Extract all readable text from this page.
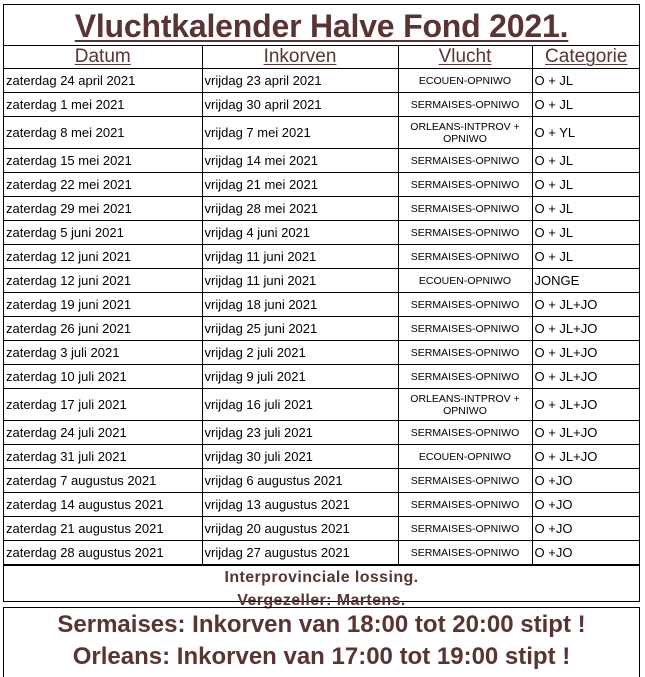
Vluchtkalender Halve Fond 2021.
Datum	Inkorven	Vlucht	Categorie
zaterdag 24 april 2021	vrijdag 23 april 2021	ECOUEN-OPNIWO	O + JL
zaterdag 1 mei 2021	vrijdag 30 april 2021	SERMAISES-OPNIWO	O + JL
zaterdag 8 mei 2021	vrijdag 7 mei 2021	ORLEANS-INTPROV + OPNIWO	O + YL
zaterdag 15 mei 2021	vrijdag 14 mei 2021	SERMAISES-OPNIWO	O + JL
zaterdag 22 mei 2021	vrijdag 21 mei 2021	SERMAISES-OPNIWO	O + JL
zaterdag 29 mei 2021	vrijdag 28 mei 2021	SERMAISES-OPNIWO	O + JL
zaterdag 5 juni 2021	vrijdag 4 juni 2021	SERMAISES-OPNIWO	O + JL
zaterdag 12 juni 2021	vrijdag 11 juni 2021	SERMAISES-OPNIWO	O + JL
zaterdag 12 juni 2021	vrijdag 11 juni 2021	ECOUEN-OPNIWO	JONGE
zaterdag 19 juni 2021	vrijdag 18 juni 2021	SERMAISES-OPNIWO	O + JL+JO
zaterdag 26 juni 2021	vrijdag 25 juni 2021	SERMAISES-OPNIWO	O + JL+JO
zaterdag 3 juli 2021	vrijdag 2 juli 2021	SERMAISES-OPNIWO	O + JL+JO
zaterdag 10 juli 2021	vrijdag 9 juli 2021	SERMAISES-OPNIWO	O + JL+JO
zaterdag 17 juli 2021	vrijdag 16 juli 2021	ORLEANS-INTPROV + OPNIWO	O + JL+JO
zaterdag 24 juli 2021	vrijdag 23 juli 2021	SERMAISES-OPNIWO	O + JL+JO
zaterdag 31 juli 2021	vrijdag 30 juli 2021	ECOUEN-OPNIWO	O + JL+JO
zaterdag 7 augustus 2021	vrijdag 6 augustus 2021	SERMAISES-OPNIWO	O +JO
zaterdag 14 augustus 2021	vrijdag 13 augustus 2021	SERMAISES-OPNIWO	O +JO
zaterdag 21 augustus 2021	vrijdag 20 augustus 2021	SERMAISES-OPNIWO	O +JO
zaterdag 28 augustus 2021	vrijdag 27 augustus 2021	SERMAISES-OPNIWO	O +JO
Interprovinciale lossing.
Vergezeller: Martens.
Sermaises: Inkorven van 18:00 tot 20:00 stipt !
Orleans: Inkorven van 17:00 tot 19:00 stipt !
